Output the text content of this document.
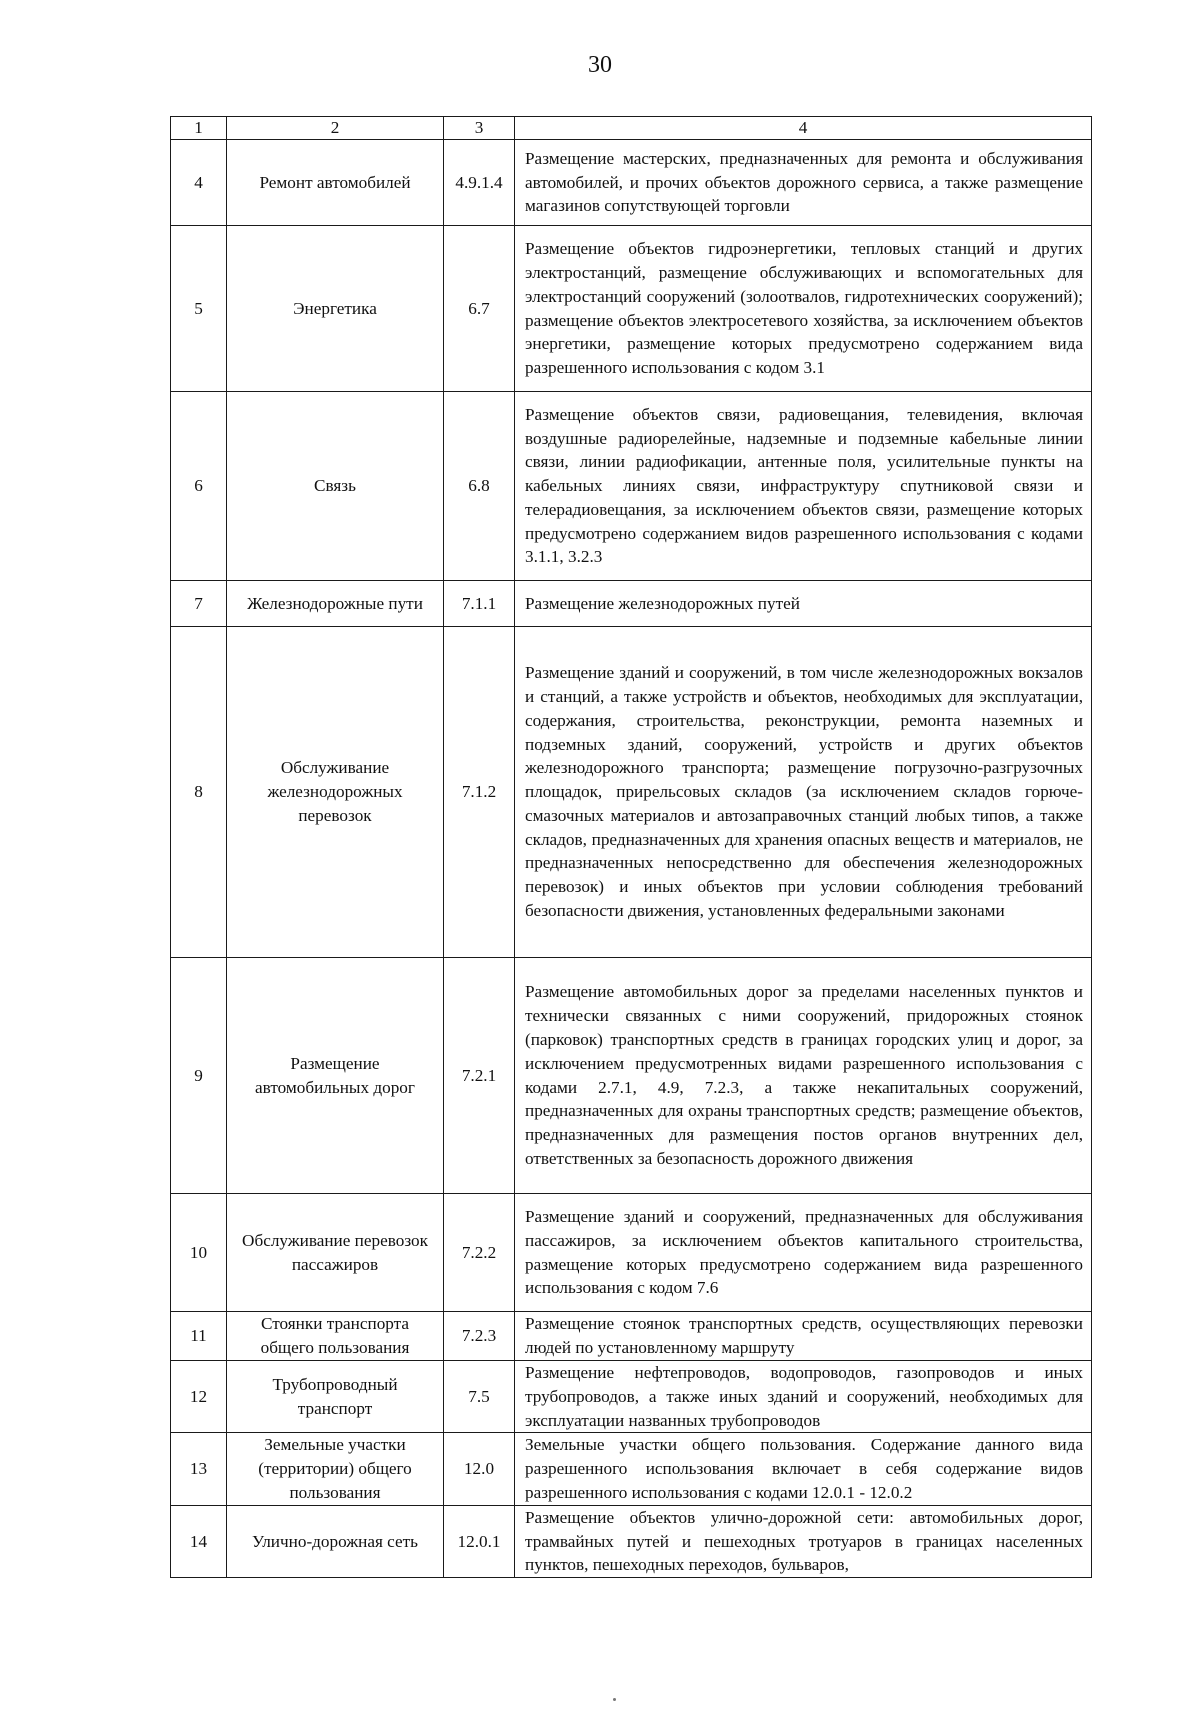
30
1	2	3	4
4	Ремонт автомобилей	4.9.1.4	Размещение мастерских, предназначенных для ремонта и обслуживания автомобилей, и прочих объектов дорожного сервиса, а также размещение магазинов сопутствующей торговли
5	Энергетика	6.7	Размещение объектов гидроэнергетики, тепловых станций и других электростанций, размещение обслуживающих и вспомогательных для электростанций сооружений (золоотвалов, гидротехнических сооружений); размещение объектов электросетевого хозяйства, за исключением объектов энергетики, размещение которых предусмотрено содержанием вида разрешенного использования с кодом 3.1
6	Связь	6.8	Размещение объектов связи, радиовещания, телевидения, включая воздушные радиорелейные, надземные и подземные кабельные линии связи, линии радиофикации, антенные поля, усилительные пункты на кабельных линиях связи, инфраструктуру спутниковой связи и телерадиовещания, за исключением объектов связи, размещение которых предусмотрено содержанием видов разрешенного использования с кодами 3.1.1, 3.2.3
7	Железнодорожные пути	7.1.1	Размещение железнодорожных путей
8	Обслуживание железнодорожных перевозок	7.1.2	Размещение зданий и сооружений, в том числе железнодорожных вокзалов и станций, а также устройств и объектов, необходимых для эксплуатации, содержания, строительства, реконструкции, ремонта наземных и подземных зданий, сооружений, устройств и других объектов железнодорожного транспорта; размещение погрузочно-разгрузочных площадок, прирельсовых складов (за исключением складов горюче-смазочных материалов и автозаправочных станций любых типов, а также складов, предназначенных для хранения опасных веществ и материалов, не предназначенных непосредственно для обеспечения железнодорожных перевозок) и иных объектов при условии соблюдения требований безопасности движения, установленных федеральными законами
9	Размещение автомобильных дорог	7.2.1	Размещение автомобильных дорог за пределами населенных пунктов и технически связанных с ними сооружений, придорожных стоянок (парковок) транспортных средств в границах городских улиц и дорог, за исключением предусмотренных видами разрешенного использования с кодами 2.7.1, 4.9, 7.2.3, а также некапитальных сооружений, предназначенных для охраны транспортных средств; размещение объектов, предназначенных для размещения постов органов внутренних дел, ответственных за безопасность дорожного движения
10	Обслуживание перевозок пассажиров	7.2.2	Размещение зданий и сооружений, предназначенных для обслуживания пассажиров, за исключением объектов капитального строительства, размещение которых предусмотрено содержанием вида разрешенного использования с кодом 7.6
11	Стоянки транспорта общего пользования	7.2.3	Размещение стоянок транспортных средств, осуществляющих перевозки людей по установленному маршруту
12	Трубопроводный транспорт	7.5	Размещение нефтепроводов, водопроводов, газопроводов и иных трубопроводов, а также иных зданий и сооружений, необходимых для эксплуатации названных трубопроводов
13	Земельные участки (территории) общего пользования	12.0	Земельные участки общего пользования. Содержание данного вида разрешенного использования включает в себя содержание видов разрешенного использования с кодами 12.0.1 - 12.0.2
14	Улично-дорожная сеть	12.0.1	Размещение объектов улично-дорожной сети: автомобильных дорог, трамвайных путей и пешеходных тротуаров в границах населенных пунктов, пешеходных переходов, бульваров,
